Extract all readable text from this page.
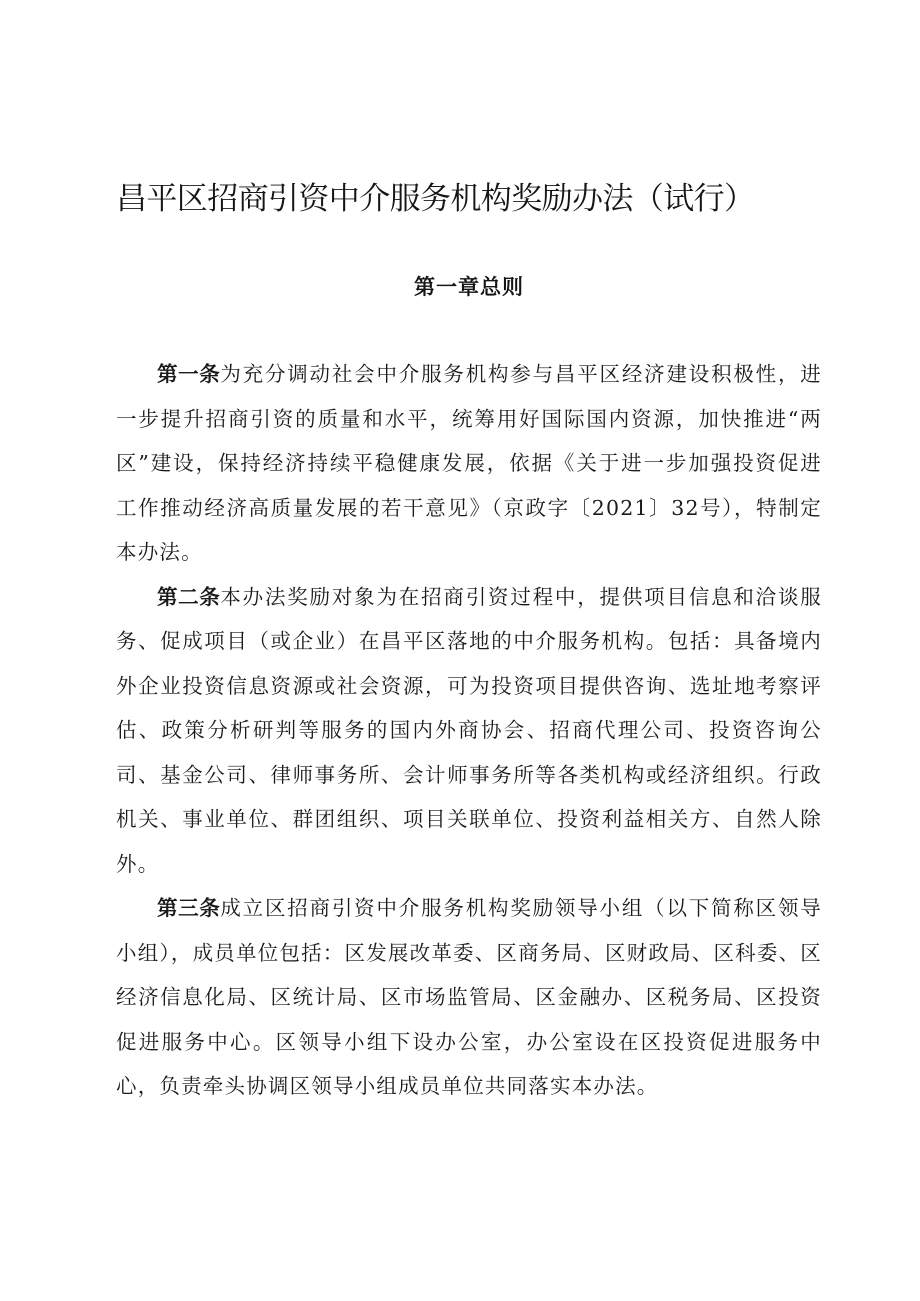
昌平区招商引资中介服务机构奖励办法（试行）
第一章总则

第一条为充分调动社会中介服务机构参与昌平区经济建设积极性，进一步提升招商引资的质量和水平，统筹用好国际国内资源，加快推进“两区”建设，保持经济持续平稳健康发展，依据《关于进一步加强投资促进工作推动经济高质量发展的若干意见》（京政字〔2021〕32号），特制定本办法。

第二条本办法奖励对象为在招商引资过程中，提供项目信息和洽谈服务、促成项目（或企业）在昌平区落地的中介服务机构。包括：具备境内外企业投资信息资源或社会资源，可为投资项目提供咨询、选址地考察评估、政策分析研判等服务的国内外商协会、招商代理公司、投资咨询公司、基金公司、律师事务所、会计师事务所等各类机构或经济组织。行政机关、事业单位、群团组织、项目关联单位、投资利益相关方、自然人除外。

第三条成立区招商引资中介服务机构奖励领导小组（以下简称区领导小组），成员单位包括：区发展改革委、区商务局、区财政局、区科委、区经济信息化局、区统计局、区市场监管局、区金融办、区税务局、区投资促进服务中心。区领导小组下设办公室，办公室设在区投资促进服务中心，负责牵头协调区领导小组成员单位共同落实本办法。
